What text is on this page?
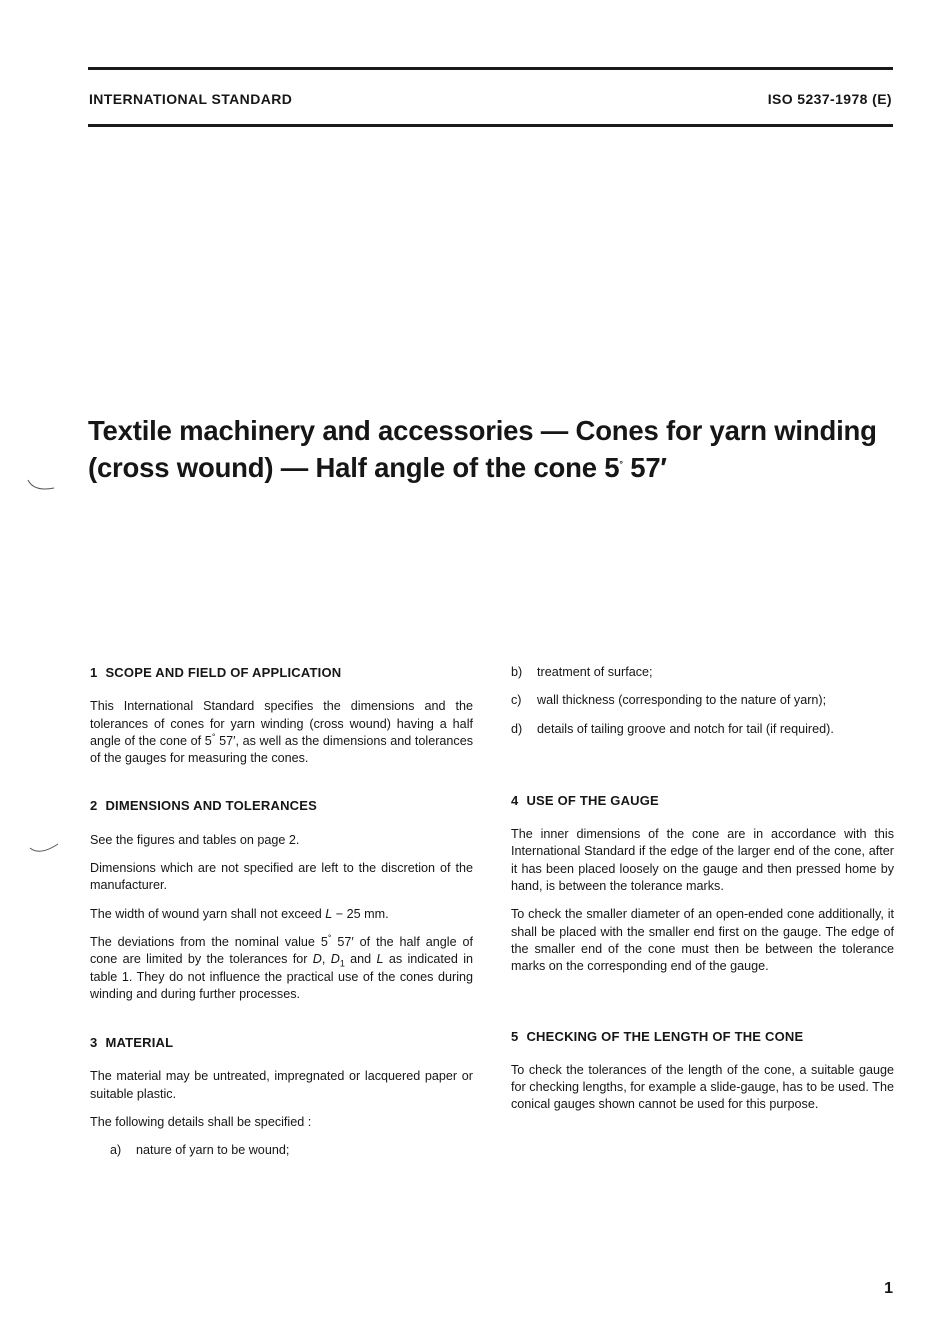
INTERNATIONAL STANDARD	ISO 5237-1978 (E)
Textile machinery and accessories — Cones for yarn winding
(cross wound) — Half angle of the cone 5° 57′
1 SCOPE AND FIELD OF APPLICATION

This International Standard specifies the dimensions and the tolerances of cones for yarn winding (cross wound) having a half angle of the cone of 5° 57′, as well as the dimensions and tolerances of the gauges for measuring the cones.

2 DIMENSIONS AND TOLERANCES

See the figures and tables on page 2.

Dimensions which are not specified are left to the discretion of the manufacturer.

The width of wound yarn shall not exceed L − 25 mm.

The deviations from the nominal value 5° 57′ of the half angle of cone are limited by the tolerances for D, $D_1$ and L as indicated in table 1. They do not influence the practical use of the cones during winding and during further processes.

3 MATERIAL

The material may be untreated, impregnated or lacquered paper or suitable plastic.

The following details shall be specified :

a)	nature of yarn to be wound;
b)	treatment of surface;
c)	wall thickness (corresponding to the nature of yarn);
d)	details of tailing groove and notch for tail (if required).
4 USE OF THE GAUGE

The inner dimensions of the cone are in accordance with this International Standard if the edge of the larger end of the cone, after it has been placed loosely on the gauge and then pressed home by hand, is between the tolerance marks.

To check the smaller diameter of an open-ended cone additionally, it shall be placed with the smaller end first on the gauge. The edge of the smaller end of the cone must then be between the tolerance marks on the corresponding end of the gauge.

5 CHECKING OF THE LENGTH OF THE CONE

To check the tolerances of the length of the cone, a suitable gauge for checking lengths, for example a slide-gauge, has to be used. The conical gauges shown cannot be used for this purpose.

1
